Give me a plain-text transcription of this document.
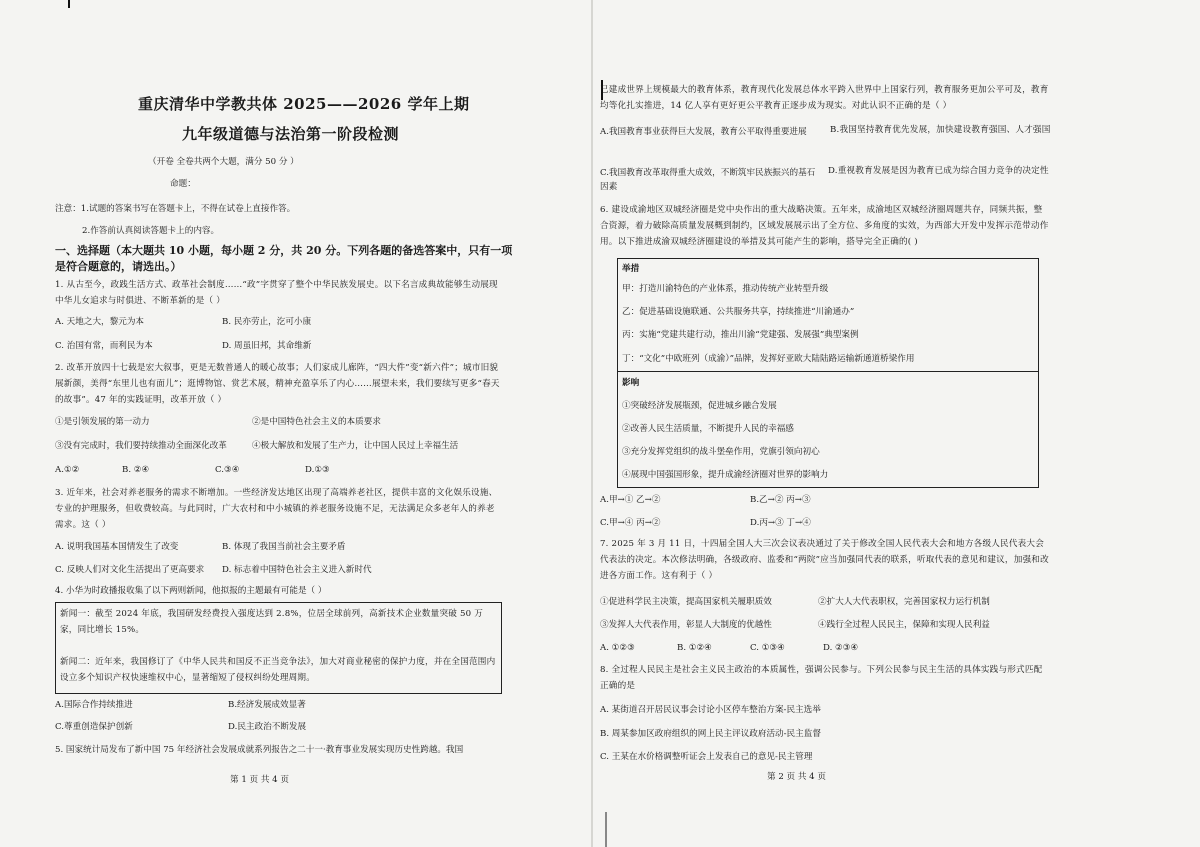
重庆清华中学教共体 2025——2026 学年上期
九年级道德与法治第一阶段检测
（开卷 全卷共两个大题，满分 50 分 ）
命题：
注意：1.试题的答案书写在答题卡上，不得在试卷上直接作答。
2.作答前认真阅读答题卡上的内容。
一、选择题（本大题共 10 小题，每小题 2 分，共 20 分。下列各题的备选答案中，只有一项
是符合题意的，请选出。）
1. 从古至今，政践生活方式、政革社会制度……“政”字贯穿了整个中华民族发展史。以下名言成典故能够生动展现中华儿女追求与时俱进、不断革新的是（ ）
A. 天地之大，黎元为本	B. 民亦劳止，汔可小康
C. 治国有常，而利民为本	D. 周虽旧邦，其命维新
2. 改革开放四十七载是宏大叙事，更是无数普通人的暖心故事；人们家成儿廊阵，“四大件”变“新六件”；城市旧貌展新颜，美得“东里儿也有面儿”；逛博物馆、赏艺术展，精神充盈享乐了内心……展望未来，我们要续写更多“春天的故事”。47 年的实践证明，改革开放（ ）
①是引领发展的第一动力	②是中国特色社会主义的本质要求
③没有完成时，我们要持续推动全面深化改革	④极大解放和发展了生产力，让中国人民过上幸福生活
A.①②	B. ②④	C.③④	D.①③
3. 近年来，社会对养老服务的需求不断增加。一些经济发达地区出现了高端养老社区，提供丰富的文化娱乐设施、专业的护理服务，但收费较高。与此同时，广大农村和中小城镇的养老服务设施不足，无法满足众多老年人的养老需求。这（ ）
A. 说明我国基本国情发生了改变	B. 体现了我国当前社会主要矛盾
C. 反映人们对文化生活提出了更高要求 D. 标志着中国特色社会主义进入新时代
4. 小华为时政播报收集了以下两则新闻，他拟报的主题最有可能是（ ）
新闻一：截至 2024 年底，我国研发经费投入强度达到 2.8%，位居全球前列，高新技术企业数量突破 50 万家，同比增长 15%。
新闻二：近年来，我国修订了《中华人民共和国反不正当竞争法》，加大对商业秘密的保护力度，并在全国范围内设立多个知识产权快速维权中心，显著缩短了侵权纠纷处理周期。
A.国际合作持续推进	B.经济发展成效显著
C.尊重创造保护创新	D.民主政治不断发展
5. 国家统计局发布了新中国 75 年经济社会发展成就系列报告之二十一·教育事业发展实现历史性跨越。我国
第 1 页 共 4 页
已建成世界上规模最大的教育体系，教育现代化发展总体水平跨入世界中上国家行列，教育服务更加公平可及，教育均等化扎实推进，14 亿人享有更好更公平教育正逐步成为现实。对此认识不正确的是（ ）
A.我国教育事业获得巨大发展，教育公平取得重要进展	B.我国坚持教育优先发展，加快建设教育强国、人才强国
C.我国教育改革取得重大成效，不断筑牢民族振兴的基石	D.重视教育发展是因为教育已成为综合国力竞争的决定性因素
6. 建设成渝地区双城经济圈是党中央作出的重大战略决策。五年来，成渝地区双城经济圈周题共存，同频共振，整合资源，着力破除高质量发展概到制约，区域发展展示出了全方位、多角度的实效，为西部大开发中发挥示范带动作用。以下推进成渝双城经济圈建设的举措及其可能产生的影响，搭导完全正确的( )
举措
甲：打造川渝特色的产业体系，推动传统产业转型升级
乙：促进基础设施联通、公共服务共享，持续推进“川渝通办”
丙：实施“党建共建行动，推出川渝“党建强、发展强”典型案例
丁：“文化”中欧班列（成渝）”品牌，发挥好亚欧大陆陆路运输新通道桥梁作用
影响
①突破经济发展瓶颈，促进城乡融合发展
②改善人民生活质量，不断提升人民的幸福感
③充分发挥党组织的战斗堡垒作用，党旗引领向初心
④展现中国强国形象，提升成渝经济圈对世界的影响力
A.甲→① 乙→②	B.乙→② 丙→③
C.甲→④ 丙→②	D.丙→③ 丁→④
7. 2025 年 3 月 11 日，十四届全国人大三次会议表决通过了关于修改全国人民代表大会和地方各级人民代表大会代表法的决定。本次修法明确，各级政府、监委和“两院”应当加强同代表的联系，听取代表的意见和建议，加强和改进各方面工作。这有利于（ ）
①促进科学民主决策，提高国家机关履职质效	②扩大人大代表职权，完善国家权力运行机制
③发挥人大代表作用，彰显人大制度的优越性	④践行全过程人民民主，保障和实现人民利益
A. ①②③	B. ①②④	C. ①③④	D. ②③④
8. 全过程人民民主是社会主义民主政治的本质属性，强调公民参与。下列公民参与民主生活的具体实践与形式匹配正确的是
A. 某街道召开居民议事会讨论小区停车整治方案-民主选举
B. 周某参加区政府组织的网上民主评议政府活动-民主监督
C. 王某在水价格调整听证会上发表自己的意见-民主管理
第 2 页 共 4 页
